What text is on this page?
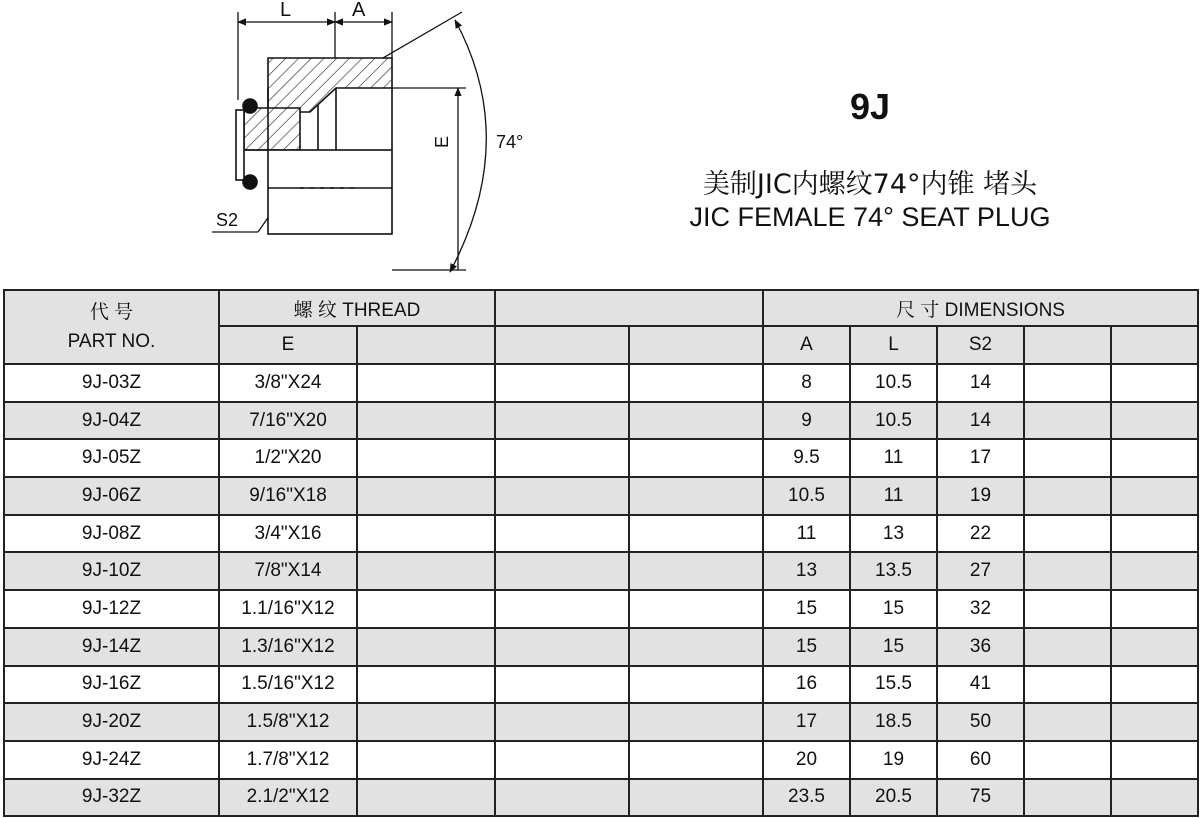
L	A
E 74°
S2
9J
美制JIC内螺纹74°内锥 堵头
JIC FEMALE 74° SEAT PLUG
代 号
PART NO.	螺 纹 THREAD				尺 寸 DIMENSIONS				
	E				A	L	S2		
9J-03Z	3/8"X24				8	10.5	14		
9J-04Z	7/16"X20				9	10.5	14		
9J-05Z	1/2"X20				9.5	11	17		
9J-06Z	9/16"X18				10.5	11	19		
9J-08Z	3/4"X16				11	13	22		
9J-10Z	7/8"X14				13	13.5	27		
9J-12Z	1.1/16"X12				15	15	32		
9J-14Z	1.3/16"X12				15	15	36		
9J-16Z	1.5/16"X12				16	15.5	41		
9J-20Z	1.5/8"X12				17	18.5	50		
9J-24Z	1.7/8"X12				20	19	60		
9J-32Z	2.1/2"X12				23.5	20.5	75		
